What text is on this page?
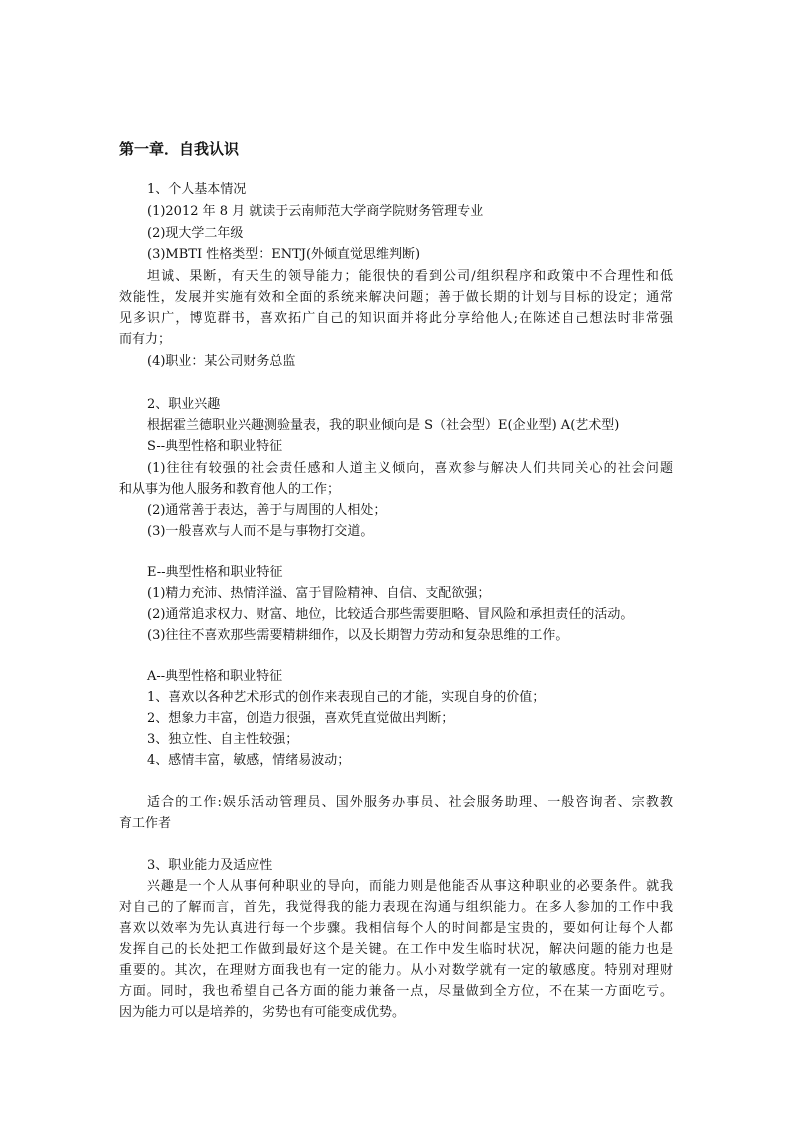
第一章．自我认识
1、个人基本情况
(1)2012 年 8 月 就读于云南师范大学商学院财务管理专业
(2)现大学二年级
(3)MBTI 性格类型：ENTJ(外倾直觉思维判断)
坦诚、果断，有天生的领导能力；能很快的看到公司/组织程序和政策中不合理性和低
效能性，发展并实施有效和全面的系统来解决问题；善于做长期的计划与目标的设定；通常
见多识广，博览群书，喜欢拓广自己的知识面并将此分享给他人;在陈述自己想法时非常强
而有力；
(4)职业：某公司财务总监
2、职业兴趣
根据霍兰德职业兴趣测验量表，我的职业倾向是 S（社会型）E(企业型) A(艺术型)
S--典型性格和职业特征
(1)往往有较强的社会责任感和人道主义倾向，喜欢参与解决人们共同关心的社会问题
和从事为他人服务和教育他人的工作；
(2)通常善于表达，善于与周围的人相处；
(3)一般喜欢与人而不是与事物打交道。
E--典型性格和职业特征
(1)精力充沛、热情洋溢、富于冒险精神、自信、支配欲强；
(2)通常追求权力、财富、地位，比较适合那些需要胆略、冒风险和承担责任的活动。
(3)往往不喜欢那些需要精耕细作，以及长期智力劳动和复杂思维的工作。
A--典型性格和职业特征
1、喜欢以各种艺术形式的创作来表现自己的才能，实现自身的价值；
2、想象力丰富，创造力很强，喜欢凭直觉做出判断；
3、独立性、自主性较强；
4、感情丰富，敏感，情绪易波动；
适合的工作:娱乐活动管理员、国外服务办事员、社会服务助理、一般咨询者、宗教教
育工作者
3、职业能力及适应性
兴趣是一个人从事何种职业的导向，而能力则是他能否从事这种职业的必要条件。就我
对自己的了解而言，首先，我觉得我的能力表现在沟通与组织能力。在多人参加的工作中我
喜欢以效率为先认真进行每一个步骤。我相信每个人的时间都是宝贵的，要如何让每个人都
发挥自己的长处把工作做到最好这个是关键。在工作中发生临时状况，解决问题的能力也是
重要的。其次，在理财方面我也有一定的能力。从小对数学就有一定的敏感度。特别对理财
方面。同时，我也希望自己各方面的能力兼备一点，尽量做到全方位，不在某一方面吃亏。
因为能力可以是培养的，劣势也有可能变成优势。
